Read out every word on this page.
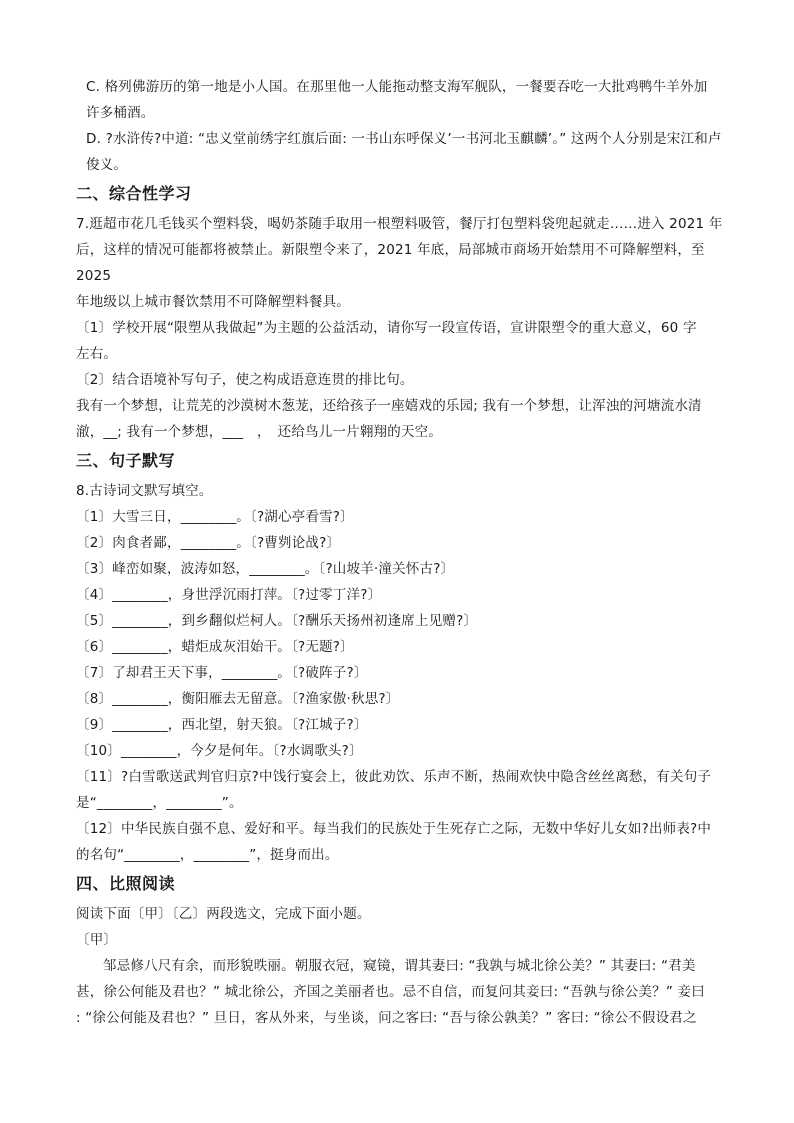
C. 格列佛游历的第一地是小人国。在那里他一人能拖动整支海军舰队，一餐要吞吃一大批鸡鸭牛羊外加

许多桶酒。

D. ?水浒传?中道: “忠义堂前绣字红旗后面: 一书山东呼保义’一书河北玉麒麟’。” 这两个人分别是宋江和卢

俊义。

二、综合性学习

7.逛超市花几毛钱买个塑料袋，喝奶茶随手取用一根塑料吸管，餐厅打包塑料袋兜起就走……进入 2021 年

后，这样的情况可能都将被禁止。新限塑令来了，2021 年底，局部城市商场开始禁用不可降解塑料，至 2025

年地级以上城市餐饮禁用不可降解塑料餐具。

〔1〕学校开展“限塑从我做起”为主题的公益活动，请你写一段宣传语，宣讲限塑令的重大意义，60 字

左右。

〔2〕结合语境补写句子，使之构成语意连贯的排比句。

我有一个梦想，让荒芜的沙漠树木葱茏，还给孩子一座嬉戏的乐园; 我有一个梦想，让浑浊的河塘流水清

澈，__; 我有一个梦想，___　，　还给鸟儿一片翱翔的天空。

三、句子默写

8.古诗词文默写填空。

〔1〕大雪三日，________。〔?湖心亭看雪?〕

〔2〕肉食者鄙，________。〔?曹刿论战?〕

〔3〕峰峦如聚，波涛如怒，________。〔?山坡羊·潼关怀古?〕

〔4〕________，身世浮沉雨打萍。〔?过零丁洋?〕

〔5〕________，到乡翻似烂柯人。〔?酬乐天扬州初逢席上见赠?〕

〔6〕________，蜡炬成灰泪始干。〔?无题?〕

〔7〕了却君王天下事，________。〔?破阵子?〕

〔8〕________，衡阳雁去无留意。〔?渔家傲·秋思?〕

〔9〕________，西北望，射天狼。〔?江城子?〕

〔10〕________，今夕是何年。〔?水调歌头?〕

〔11〕?白雪歌送武判官归京?中饯行宴会上，彼此劝饮、乐声不断，热闹欢快中隐含丝丝离愁，有关句子

是“________，________”。

〔12〕中华民族自强不息、爱好和平。每当我们的民族处于生死存亡之际，无数中华好儿女如?出师表?中

的名句“________，________”，挺身而出。

四、比照阅读

阅读下面〔甲〕〔乙〕两段选文，完成下面小题。

〔甲〕

邹忌修八尺有余，而形貌昳丽。朝服衣冠，窥镜，谓其妻曰: “我孰与城北徐公美？” 其妻曰: “君美

甚，徐公何能及君也？” 城北徐公，齐国之美丽者也。忌不自信，而复问其妾曰: “吾孰与徐公美？” 妾曰

: “徐公何能及君也？” 旦日，客从外来，与坐谈，问之客曰: “吾与徐公孰美？” 客曰: “徐公不假设君之
